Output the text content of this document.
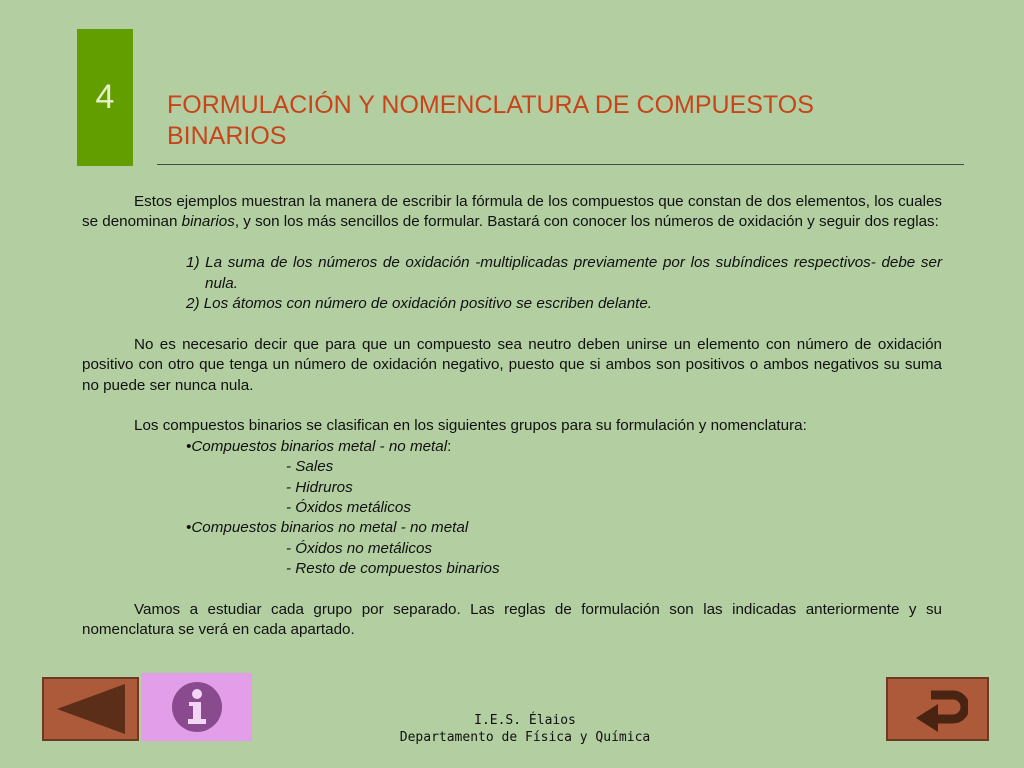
4 FORMULACIÓN Y NOMENCLATURA DE COMPUESTOS
BINARIOS

Estos ejemplos muestran la manera de escribir la fórmula de los compuestos que constan de dos elementos, los cuales se denominan binarios, y son los más sencillos de formular. Bastará con conocer los números de oxidación y seguir dos reglas:

1) La suma de los números de oxidación -multiplicadas previamente por los subíndices respectivos- debe ser nula.

2) Los átomos con número de oxidación positivo se escriben delante.

No es necesario decir que para que un compuesto sea neutro deben unirse un elemento con número de oxidación positivo con otro que tenga un número de oxidación negativo, puesto que si ambos son positivos o ambos negativos su suma no puede ser nunca nula.

Los compuestos binarios se clasifican en los siguientes grupos para su formulación y nomenclatura:

•Compuestos binarios metal - no metal:

- Sales

- Hidruros

- Óxidos metálicos

•Compuestos binarios no metal - no metal

- Óxidos no metálicos

- Resto de compuestos binarios

Vamos a estudiar cada grupo por separado. Las reglas de formulación son las indicadas anteriormente y su nomenclatura se verá en cada apartado.

I.E.S. Élaios
Departamento de Física y Química
